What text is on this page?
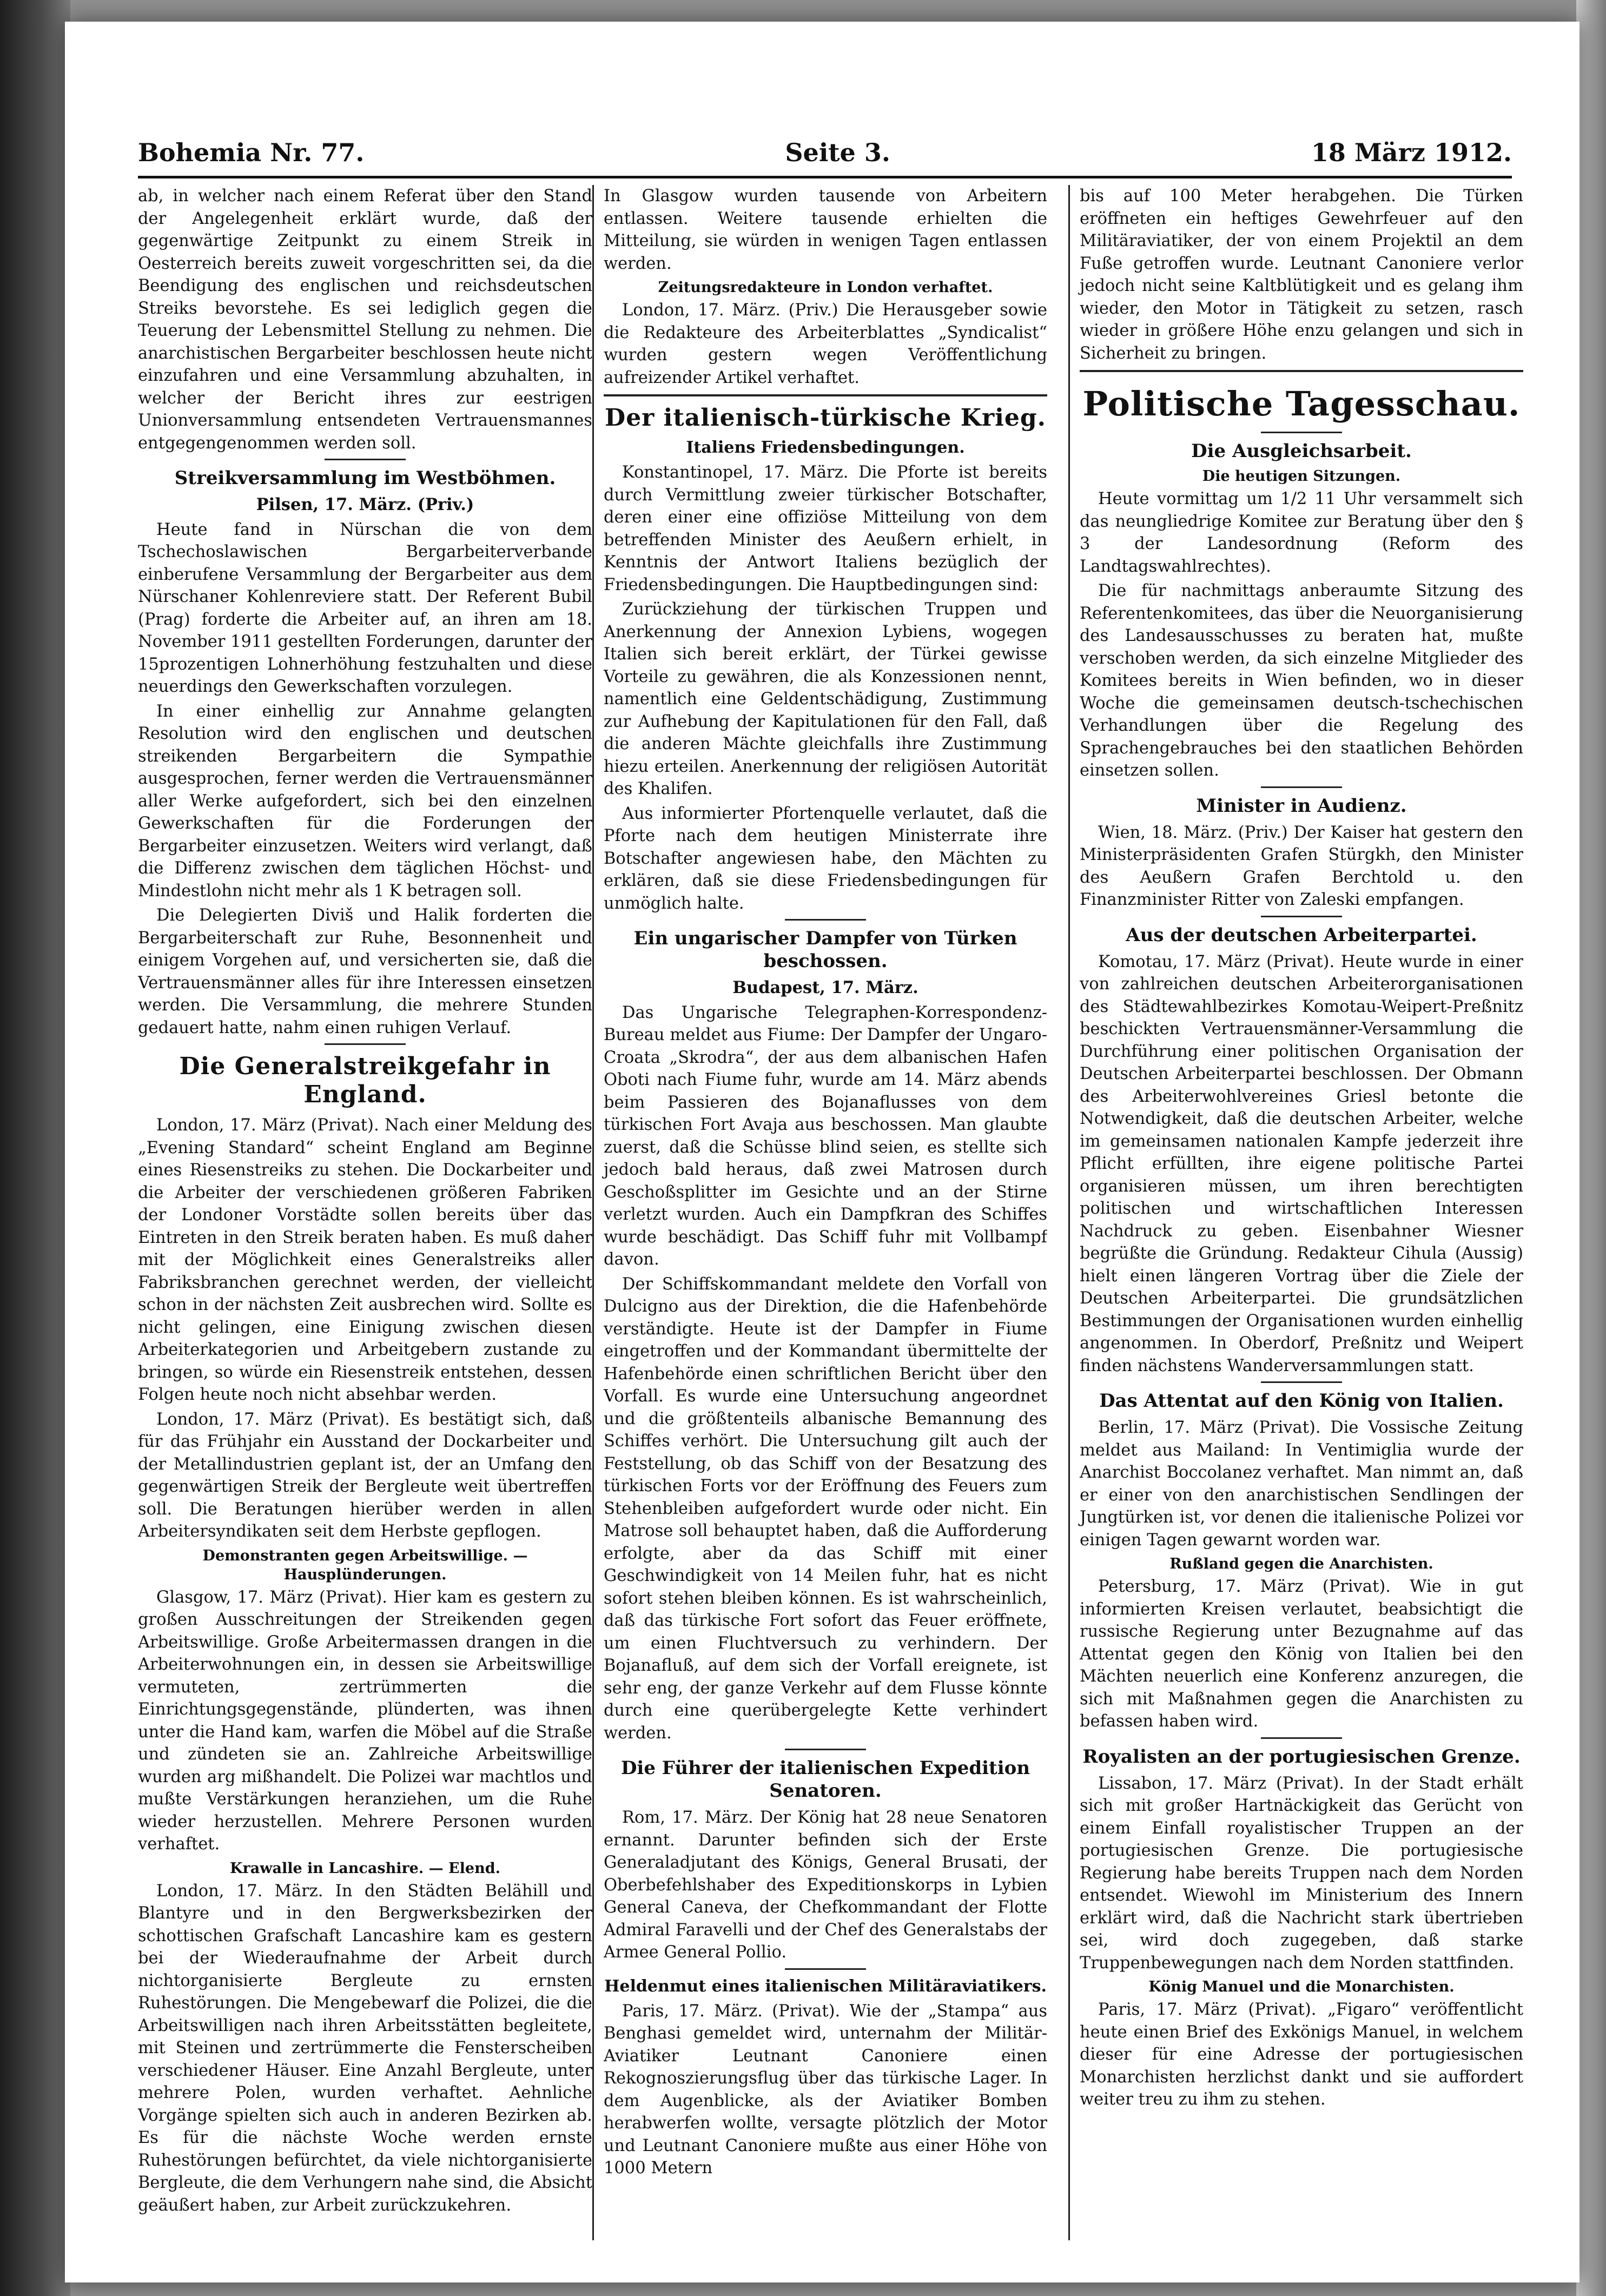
Bohemia Nr. 77.	Seite 3.	18 März 1912.

ab, in welcher nach einem Referat über den Stand der Angelegenheit erklärt wurde, daß der gegenwärtige Zeitpunkt zu einem Streik in Oesterreich bereits zuweit vorgeschritten sei, da die Beendigung des englischen und reichsdeutschen Streiks bevorstehe. Es sei lediglich gegen die Teuerung der Lebensmittel Stellung zu nehmen. Die anarchistischen Bergarbeiter beschlossen heute nicht einzufahren und eine Versammlung abzuhalten, in welcher der Bericht ihres zur eestrigen Unionversammlung entsendeten Vertrauensmannes entgegengenommen werden soll.

Streikversammlung im Westböhmen.

Pilsen, 17. März. (Priv.)

Heute fand in Nürschan die von dem Tschechoslawischen Bergarbeiterverbande einberufene Versammlung der Bergarbeiter aus dem Nürschaner Kohlenreviere statt. Der Referent Bubil (Prag) forderte die Arbeiter auf, an ihren am 18. November 1911 gestellten Forderungen, darunter der 15prozentigen Lohnerhöhung festzuhalten und diese neuerdings den Gewerkschaften vorzulegen.

In einer einhellig zur Annahme gelangten Resolution wird den englischen und deutschen streikenden Bergarbeitern die Sympathie ausgesprochen, ferner werden die Vertrauensmänner aller Werke aufgefordert, sich bei den einzelnen Gewerkschaften für die Forderungen der Bergarbeiter einzusetzen. Weiters wird verlangt, daß die Differenz zwischen dem täglichen Höchst- und Mindestlohn nicht mehr als 1 K betragen soll.

Die Delegierten Diviš und Halik forderten die Bergarbeiterschaft zur Ruhe, Besonnenheit und einigem Vorgehen auf, und versicherten sie, daß die Vertrauensmänner alles für ihre Interessen einsetzen werden. Die Versammlung, die mehrere Stunden gedauert hatte, nahm einen ruhigen Verlauf.

Die Generalstreikgefahr in England.

London, 17. März (Privat). Nach einer Meldung des „Evening Standard“ scheint England am Beginne eines Riesenstreiks zu stehen. Die Dockarbeiter und die Arbeiter der verschiedenen größeren Fabriken der Londoner Vorstädte sollen bereits über das Eintreten in den Streik beraten haben. Es muß daher mit der Möglichkeit eines Generalstreiks aller Fabriksbranchen gerechnet werden, der vielleicht schon in der nächsten Zeit ausbrechen wird. Sollte es nicht gelingen, eine Einigung zwischen diesen Arbeiterkategorien und Arbeitgebern zustande zu bringen, so würde ein Riesenstreik entstehen, dessen Folgen heute noch nicht absehbar werden.

London, 17. März (Privat). Es bestätigt sich, daß für das Frühjahr ein Ausstand der Dockarbeiter und der Metallindustrien geplant ist, der an Umfang den gegenwärtigen Streik der Bergleute weit übertreffen soll. Die Beratungen hierüber werden in allen Arbeitersyndikaten seit dem Herbste gepflogen.

Demonstranten gegen Arbeitswillige. — Hausplünderungen.

Glasgow, 17. März (Privat). Hier kam es gestern zu großen Ausschreitungen der Streikenden gegen Arbeitswillige. Große Arbeitermassen drangen in die Arbeiterwohnungen ein, in dessen sie Arbeitswillige vermuteten, zertrümmerten die Einrichtungsgegenstände, plünderten, was ihnen unter die Hand kam, warfen die Möbel auf die Straße und zündeten sie an. Zahlreiche Arbeitswillige wurden arg mißhandelt. Die Polizei war machtlos und mußte Verstärkungen heranziehen, um die Ruhe wieder herzustellen. Mehrere Personen wurden verhaftet.

Krawalle in Lancashire. — Elend.

London, 17. März. In den Städten Belähill und Blantyre und in den Bergwerksbezirken der schottischen Grafschaft Lancashire kam es gestern bei der Wiederaufnahme der Arbeit durch nichtorganisierte Bergleute zu ernsten Ruhestörungen. Die Mengebewarf die Polizei, die die Arbeitswilligen nach ihren Arbeitsstätten begleitete, mit Steinen und zertrümmerte die Fensterscheiben verschiedener Häuser. Eine Anzahl Bergleute, unter mehrere Polen, wurden verhaftet. Aehnliche Vorgänge spielten sich auch in anderen Bezirken ab. Es für die nächste Woche werden ernste Ruhestörungen befürchtet, da viele nichtorganisierte Bergleute, die dem Verhungern nahe sind, die Absicht geäußert haben, zur Arbeit zurückzukehren.

In Glasgow wurden tausende von Arbeitern entlassen. Weitere tausende erhielten die Mitteilung, sie würden in wenigen Tagen entlassen werden.

Zeitungsredakteure in London verhaftet.

London, 17. März. (Priv.) Die Herausgeber sowie die Redakteure des Arbeiterblattes „Syndicalist“ wurden gestern wegen Veröffentlichung aufreizender Artikel verhaftet.

Der italienisch-türkische Krieg.
Italiens Friedensbedingungen.

Konstantinopel, 17. März. Die Pforte ist bereits durch Vermittlung zweier türkischer Botschafter, deren einer eine offiziöse Mitteilung von dem betreffenden Minister des Aeußern erhielt, in Kenntnis der Antwort Italiens bezüglich der Friedensbedingungen. Die Hauptbedingungen sind:

Zurückziehung der türkischen Truppen und Anerkennung der Annexion Lybiens, wogegen Italien sich bereit erklärt, der Türkei gewisse Vorteile zu gewähren, die als Konzessionen nennt, namentlich eine Geldentschädigung, Zustimmung zur Aufhebung der Kapitulationen für den Fall, daß die anderen Mächte gleichfalls ihre Zustimmung hiezu erteilen. Anerkennung der religiösen Autorität des Khalifen.

Aus informierter Pfortenquelle verlautet, daß die Pforte nach dem heutigen Ministerrate ihre Botschafter angewiesen habe, den Mächten zu erklären, daß sie diese Friedensbedingungen für unmöglich halte.

Ein ungarischer Dampfer von Türken beschossen.

Budapest, 17. März.

Das Ungarische Telegraphen-Korrespondenz-Bureau meldet aus Fiume: Der Dampfer der Ungaro-Croata „Skrodra“, der aus dem albanischen Hafen Oboti nach Fiume fuhr, wurde am 14. März abends beim Passieren des Bojanaflusses von dem türkischen Fort Avaja aus beschossen. Man glaubte zuerst, daß die Schüsse blind seien, es stellte sich jedoch bald heraus, daß zwei Matrosen durch Geschoßsplitter im Gesichte und an der Stirne verletzt wurden. Auch ein Dampfkran des Schiffes wurde beschädigt. Das Schiff fuhr mit Vollbampf davon.

Der Schiffskommandant meldete den Vorfall von Dulcigno aus der Direktion, die die Hafenbehörde verständigte. Heute ist der Dampfer in Fiume eingetroffen und der Kommandant übermittelte der Hafenbehörde einen schriftlichen Bericht über den Vorfall. Es wurde eine Untersuchung angeordnet und die größtenteils albanische Bemannung des Schiffes verhört. Die Untersuchung gilt auch der Feststellung, ob das Schiff von der Besatzung des türkischen Forts vor der Eröffnung des Feuers zum Stehenbleiben aufgefordert wurde oder nicht. Ein Matrose soll behauptet haben, daß die Aufforderung erfolgte, aber da das Schiff mit einer Geschwindigkeit von 14 Meilen fuhr, hat es nicht sofort stehen bleiben können. Es ist wahrscheinlich, daß das türkische Fort sofort das Feuer eröffnete, um einen Fluchtversuch zu verhindern. Der Bojanafluß, auf dem sich der Vorfall ereignete, ist sehr eng, der ganze Verkehr auf dem Flusse könnte durch eine querübergelegte Kette verhindert werden.

Die Führer der italienischen Expedition Senatoren.

Rom, 17. März. Der König hat 28 neue Senatoren ernannt. Darunter befinden sich der Erste Generaladjutant des Königs, General Brusati, der Oberbefehlshaber des Expeditionskorps in Lybien General Caneva, der Chefkommandant der Flotte Admiral Faravelli und der Chef des Generalstabs der Armee General Pollio.

Heldenmut eines italienischen Militäraviatikers.

Paris, 17. März. (Privat). Wie der „Stampa“ aus Benghasi gemeldet wird, unternahm der Militär-Aviatiker Leutnant Canoniere einen Rekognoszierungsflug über das türkische Lager. In dem Augenblicke, als der Aviatiker Bomben herabwerfen wollte, versagte plötzlich der Motor und Leutnant Canoniere mußte aus einer Höhe von 1000 Metern

bis auf 100 Meter herabgehen. Die Türken eröffneten ein heftiges Gewehrfeuer auf den Militäraviatiker, der von einem Projektil an dem Fuße getroffen wurde. Leutnant Canoniere verlor jedoch nicht seine Kaltblütigkeit und es gelang ihm wieder, den Motor in Tätigkeit zu setzen, rasch wieder in größere Höhe enzu gelangen und sich in Sicherheit zu bringen.

Politische Tagesschau.
Die Ausgleichsarbeit.
Die heutigen Sitzungen.

Heute vormittag um 1/2 11 Uhr versammelt sich das neungliedrige Komitee zur Beratung über den § 3 der Landesordnung (Reform des Landtagswahlrechtes).

Die für nachmittags anberaumte Sitzung des Referentenkomitees, das über die Neuorganisierung des Landesausschusses zu beraten hat, mußte verschoben werden, da sich einzelne Mitglieder des Komitees bereits in Wien befinden, wo in dieser Woche die gemeinsamen deutsch-tschechischen Verhandlungen über die Regelung des Sprachengebrauches bei den staatlichen Behörden einsetzen sollen.

Minister in Audienz.

Wien, 18. März. (Priv.) Der Kaiser hat gestern den Ministerpräsidenten Grafen Stürgkh, den Minister des Aeußern Grafen Berchtold u. den Finanzminister Ritter von Zaleski empfangen.

Aus der deutschen Arbeiterpartei.

Komotau, 17. März (Privat). Heute wurde in einer von zahlreichen deutschen Arbeiterorganisationen des Städtewahlbezirkes Komotau-Weipert-Preßnitz beschickten Vertrauensmänner-Versammlung die Durchführung einer politischen Organisation der Deutschen Arbeiterpartei beschlossen. Der Obmann des Arbeiterwohlvereines Griesl betonte die Notwendigkeit, daß die deutschen Arbeiter, welche im gemeinsamen nationalen Kampfe jederzeit ihre Pflicht erfüllten, ihre eigene politische Partei organisieren müssen, um ihren berechtigten politischen und wirtschaftlichen Interessen Nachdruck zu geben. Eisenbahner Wiesner begrüßte die Gründung. Redakteur Cihula (Aussig) hielt einen längeren Vortrag über die Ziele der Deutschen Arbeiterpartei. Die grundsätzlichen Bestimmungen der Organisationen wurden einhellig angenommen. In Oberdorf, Preßnitz und Weipert finden nächstens Wanderversammlungen statt.

Das Attentat auf den König von Italien.

Berlin, 17. März (Privat). Die Vossische Zeitung meldet aus Mailand: In Ventimiglia wurde der Anarchist Boccolanez verhaftet. Man nimmt an, daß er einer von den anarchistischen Sendlingen der Jungtürken ist, vor denen die italienische Polizei vor einigen Tagen gewarnt worden war.

Rußland gegen die Anarchisten.

Petersburg, 17. März (Privat). Wie in gut informierten Kreisen verlautet, beabsichtigt die russische Regierung unter Bezugnahme auf das Attentat gegen den König von Italien bei den Mächten neuerlich eine Konferenz anzuregen, die sich mit Maßnahmen gegen die Anarchisten zu befassen haben wird.

Royalisten an der portugiesischen Grenze.

Lissabon, 17. März (Privat). In der Stadt erhält sich mit großer Hartnäckigkeit das Gerücht von einem Einfall royalistischer Truppen an der portugiesischen Grenze. Die portugiesische Regierung habe bereits Truppen nach dem Norden entsendet. Wiewohl im Ministerium des Innern erklärt wird, daß die Nachricht stark übertrieben sei, wird doch zugegeben, daß starke Truppenbewegungen nach dem Norden stattfinden.

König Manuel und die Monarchisten.

Paris, 17. März (Privat). „Figaro“ veröffentlicht heute einen Brief des Exkönigs Manuel, in welchem dieser für eine Adresse der portugiesischen Monarchisten herzlichst dankt und sie auffordert weiter treu zu ihm zu stehen.
